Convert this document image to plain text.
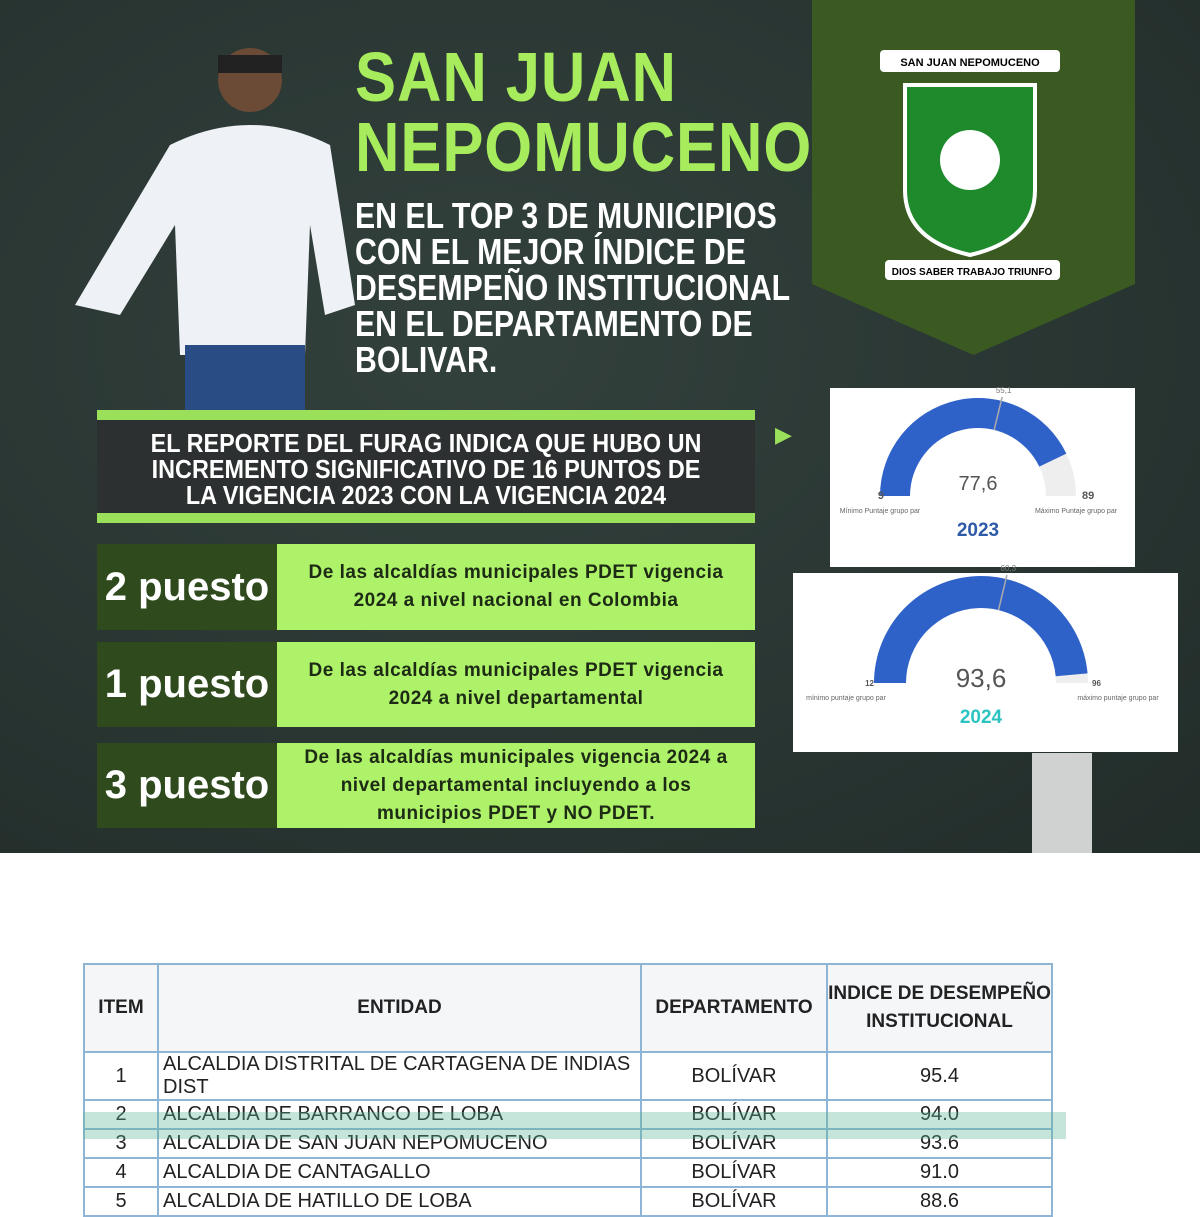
SAN JUAN
NEPOMUCENO
EN EL TOP 3 DE MUNICIPIOS CON EL MEJOR ÍNDICE DE DESEMPEÑO INSTITUCIONAL EN EL DEPARTAMENTO DE BOLIVAR.
SAN JUAN NEPOMUCENO
DIOS SABER TRABAJO TRIUNFO
EL REPORTE DEL FURAG INDICA QUE HUBO UN
INCREMENTO SIGNIFICATIVO DE 16 PUNTOS DE
LA VIGENCIA 2023 CON LA VIGENCIA 2024
▶
2 puesto	De las alcaldías municipales PDET vigencia 2024 a nivel nacional en Colombia
1 puesto	De las alcaldías municipales PDET vigencia 2024 a nivel departamental
3 puesto
De las alcaldías municipales vigencia 2024 a nivel departamental incluyendo a los municipios PDET y NO PDET.
55,1
77,6
9	89
Mínimo Puntaje grupo par	Máximo Puntaje grupo par
2023
60,3
93,6
12	96
mínimo puntaje grupo par	máximo puntaje grupo par
2024
ITEM	ENTIDAD	DEPARTAMENTO	INDICE DE DESEMPEÑO INSTITUCIONAL
1	ALCALDIA DISTRITAL DE CARTAGENA DE INDIAS DIST	BOLÍVAR	95.4
2	ALCALDIA DE BARRANCO DE LOBA	BOLÍVAR	94.0
3	ALCALDIA DE SAN JUAN NEPOMUCENO	BOLÍVAR	93.6
4	ALCALDIA DE CANTAGALLO	BOLÍVAR	91.0
5	ALCALDIA DE HATILLO DE LOBA	BOLÍVAR	88.6
